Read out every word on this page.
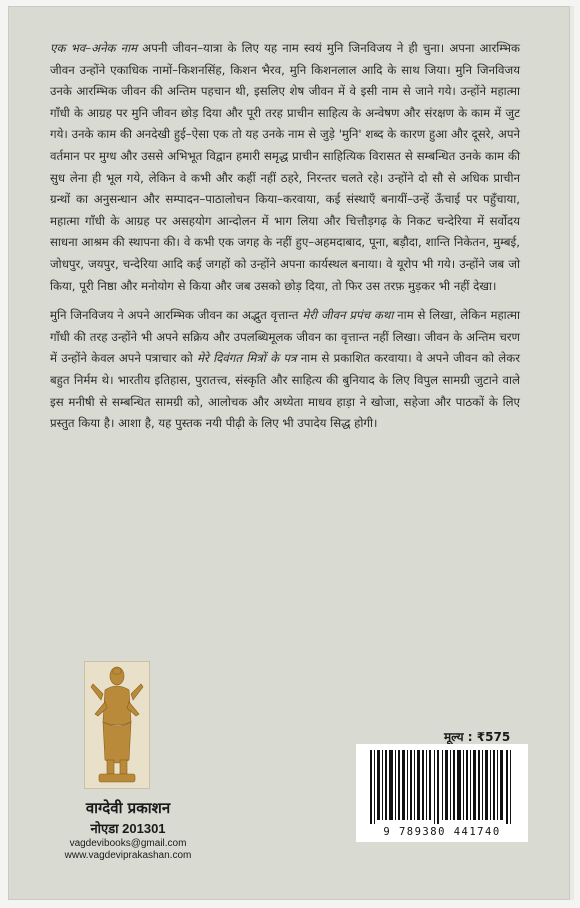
एक भव–अनेक नाम अपनी जीवन–यात्रा के लिए यह नाम स्वयं मुनि जिनविजय ने ही चुना। अपना आरम्भिक जीवन उन्होंने एकाधिक नामों–किशनसिंह, किशन भैरव, मुनि किशनलाल आदि के साथ जिया। मुनि जिनविजय उनके आरम्भिक जीवन की अन्तिम पहचान थी, इसलिए शेष जीवन में वे इसी नाम से जाने गये। उन्होंने महात्मा गाँधी के आग्रह पर मुनि जीवन छोड़ दिया और पूरी तरह प्राचीन साहित्य के अन्वेषण और संरक्षण के काम में जुट गये। उनके काम की अनदेखी हुई–ऐसा एक तो यह उनके नाम से जुड़े 'मुनि' शब्द के कारण हुआ और दूसरे, अपने वर्तमान पर मुग्ध और उससे अभिभूत विद्वान हमारी समृद्ध प्राचीन साहित्यिक विरासत से सम्बन्धित उनके काम की सुध लेना ही भूल गये, लेकिन वे कभी और कहीं नहीं ठहरे, निरन्तर चलते रहे। उन्होंने दो सौ से अधिक प्राचीन ग्रन्थों का अनुसन्धान और सम्पादन–पाठालोचन किया–करवाया, कई संस्थाएँ बनायीं–उन्हें ऊँचाई पर पहुँचाया, महात्मा गाँधी के आग्रह पर असहयोग आन्दोलन में भाग लिया और चित्तौड़गढ़ के निकट चन्देरिया में सर्वोदय साधना आश्रम की स्थापना की। वे कभी एक जगह के नहीं हुए–अहमदाबाद, पूना, बड़ौदा, शान्ति निकेतन, मुम्बई, जोधपुर, जयपुर, चन्देरिया आदि कई जगहों को उन्होंने अपना कार्यस्थल बनाया। वे यूरोप भी गये। उन्होंने जब जो किया, पूरी निष्ठा और मनोयोग से किया और जब उसको छोड़ दिया, तो फिर उस तरफ़ मुड़कर भी नहीं देखा।

मुनि जिनविजय ने अपने आरम्भिक जीवन का अद्भुत वृत्तान्त मेरी जीवन प्रपंच कथा नाम से लिखा, लेकिन महात्मा गाँधी की तरह उन्होंने भी अपने सक्रिय और उपलब्धिमूलक जीवन का वृत्तान्त नहीं लिखा। जीवन के अन्तिम चरण में उन्होंने केवल अपने पत्राचार को मेरे दिवंगत मित्रों के पत्र नाम से प्रकाशित करवाया। वे अपने जीवन को लेकर बहुत निर्मम थे। भारतीय इतिहास, पुरातत्त्व, संस्कृति और साहित्य की बुनियाद के लिए विपुल सामग्री जुटाने वाले इस मनीषी से सम्बन्धित सामग्री को, आलोचक और अध्येता माधव हाड़ा ने खोजा, सहेजा और पाठकों के लिए प्रस्तुत किया है। आशा है, यह पुस्तक नयी पीढ़ी के लिए भी उपादेय सिद्ध होगी।

वाग्देवी प्रकाशन
नोएडा 201301
vagdevibooks@gmail.com
www.vagdeviprakashan.com
मूल्य : ₹575
9 789380 441740
